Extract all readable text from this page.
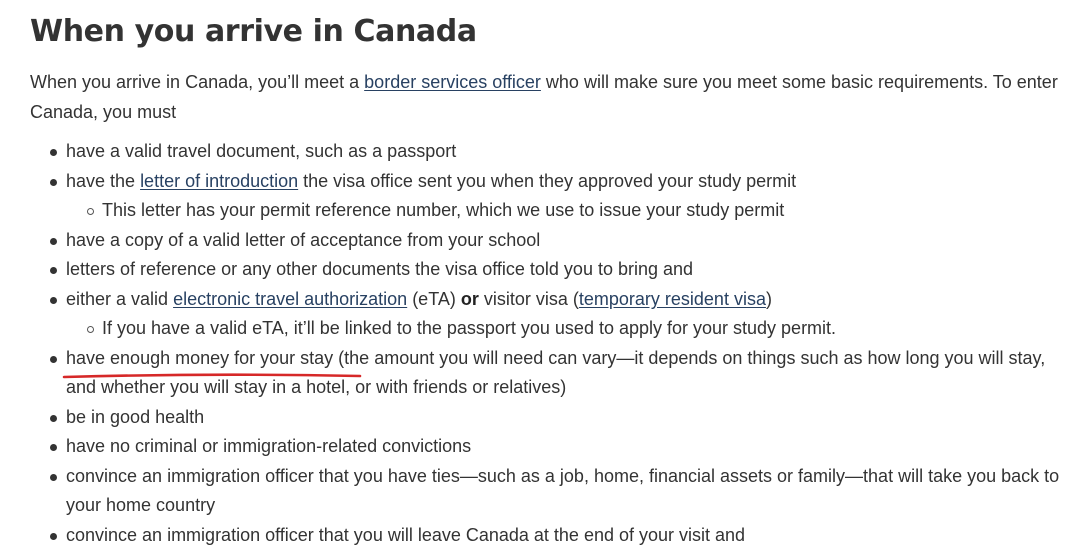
When you arrive in Canada

When you arrive in Canada, you’ll meet a border services officer who will make sure you meet some basic requirements. To enter Canada, you must

have a valid travel document, such as a passport
have the letter of introduction the visa office sent you when they approved your study permit
This letter has your permit reference number, which we use to issue your study permit
have a copy of a valid letter of acceptance from your school
letters of reference or any other documents the visa office told you to bring and
either a valid electronic travel authorization (eTA) or visitor visa (temporary resident visa)
If you have a valid eTA, it’ll be linked to the passport you used to apply for your study permit.
have enough money for your stay (the amount you will need can vary—it depends on things such as how long you will stay, and whether you will stay in a hotel, or with friends or relatives)
be in good health
have no criminal or immigration-related convictions
convince an immigration officer that you have ties—such as a job, home, financial assets or family—that will take you back to your home country
convince an immigration officer that you will leave Canada at the end of your visit and
